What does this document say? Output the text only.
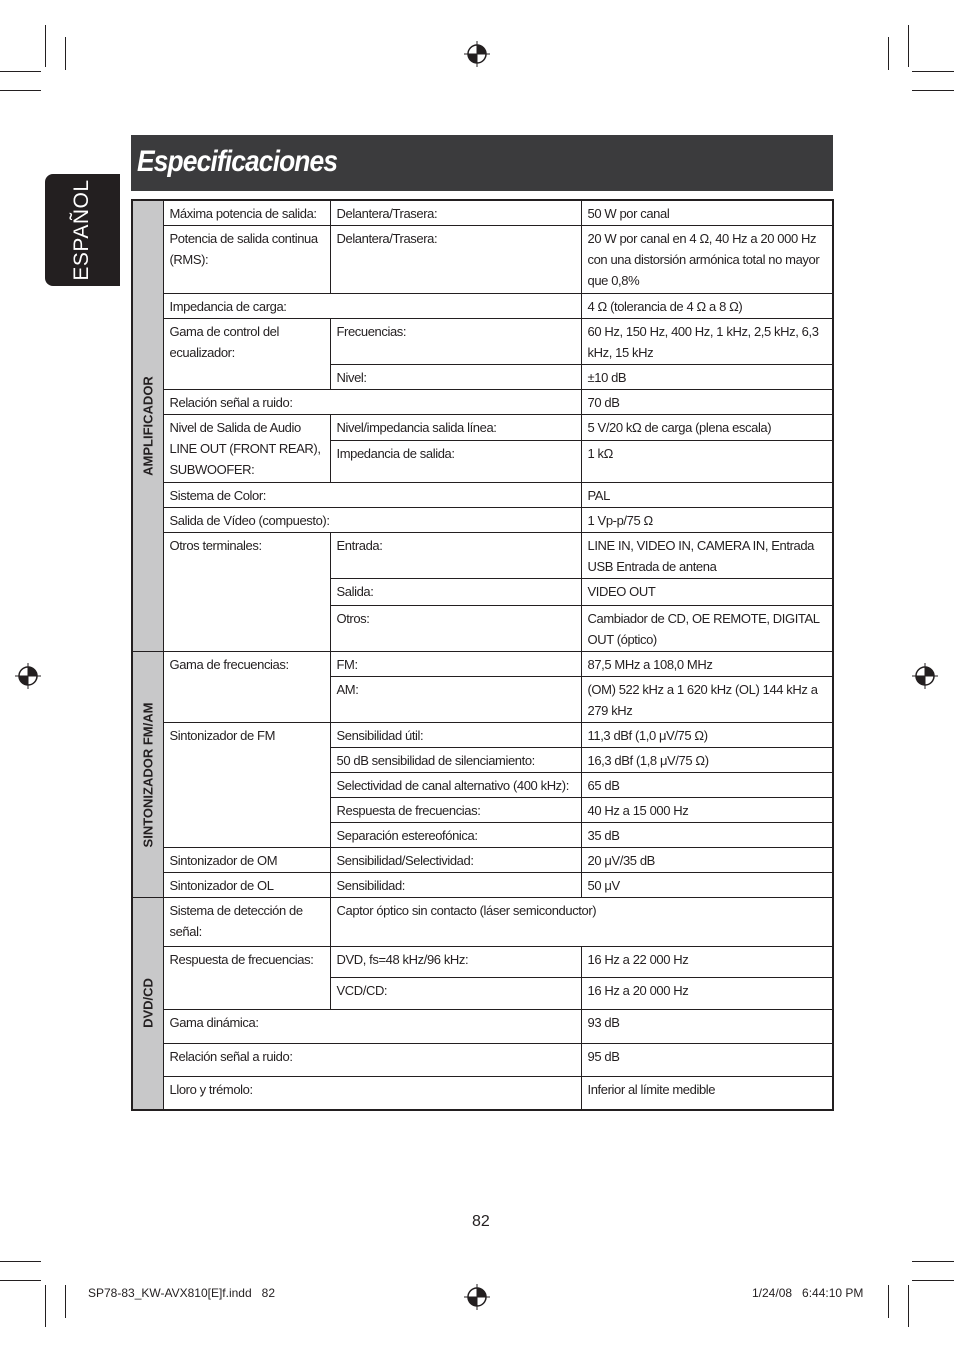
ESPAÑOL
Especificaciones
AMPLIFICADOR	Máxima potencia de salida:	Delantera/Trasera:	50 W por canal
	Potencia de salida continua (RMS):	Delantera/Trasera:	20 W por canal en 4 Ω, 40 Hz a 20 000 Hz con una distorsión armónica total no mayor que 0,8%
	Impedancia de carga:		4 Ω (tolerancia de 4 Ω a 8 Ω)
	Gama de control del ecualizador:	Frecuencias:	60 Hz, 150 Hz, 400 Hz, 1 kHz, 2,5 kHz, 6,3 kHz, 15 kHz
		Nivel:	±10 dB
	Relación señal a ruido:		70 dB
	Nivel de Salida de Audio LINE OUT (FRONT REAR), SUBWOOFER:	Nivel/impedancia salida línea:	5 V/20 kΩ de carga (plena escala)
		Impedancia de salida:	1 kΩ
	Sistema de Color:		PAL
	Salida de Vídeo (compuesto):		1 Vp-p/75 Ω
	Otros terminales:	Entrada:	LINE IN, VIDEO IN, CAMERA IN, Entrada USB Entrada de antena
		Salida:	VIDEO OUT
		Otros:	Cambiador de CD, OE REMOTE, DIGITAL OUT (óptico)

SINTONIZADOR FM/AM	Gama de frecuencias:	FM:	87,5 MHz a 108,0 MHz
		AM:	(OM) 522 kHz a 1 620 kHz (OL) 144 kHz a 279 kHz
	Sintonizador de FM	Sensibilidad útil:	11,3 dBf (1,0 μV/75 Ω)
		50 dB sensibilidad de silenciamiento:	16,3 dBf (1,8 μV/75 Ω)
		Selectividad de canal alternativo (400 kHz):	65 dB
		Respuesta de frecuencias:	40 Hz a 15 000 Hz
		Separación estereofónica:	35 dB
	Sintonizador de OM	Sensibilidad/Selectividad:	20 μV/35 dB
	Sintonizador de OL	Sensibilidad:	50 μV

DVD/CD	Sistema de detección de señal:	Captor óptico sin contacto (láser semiconductor)	
	Respuesta de frecuencias:	DVD, fs=48 kHz/96 kHz:	16 Hz a 22 000 Hz
		VCD/CD:	16 Hz a 20 000 Hz
	Gama dinámica:		93 dB
	Relación señal a ruido:		95 dB
	Lloro y trémolo:		Inferior al límite medible
82
SP78-83_KW-AVX810[E]f.indd   82	1/24/08   6:44:10 PM
